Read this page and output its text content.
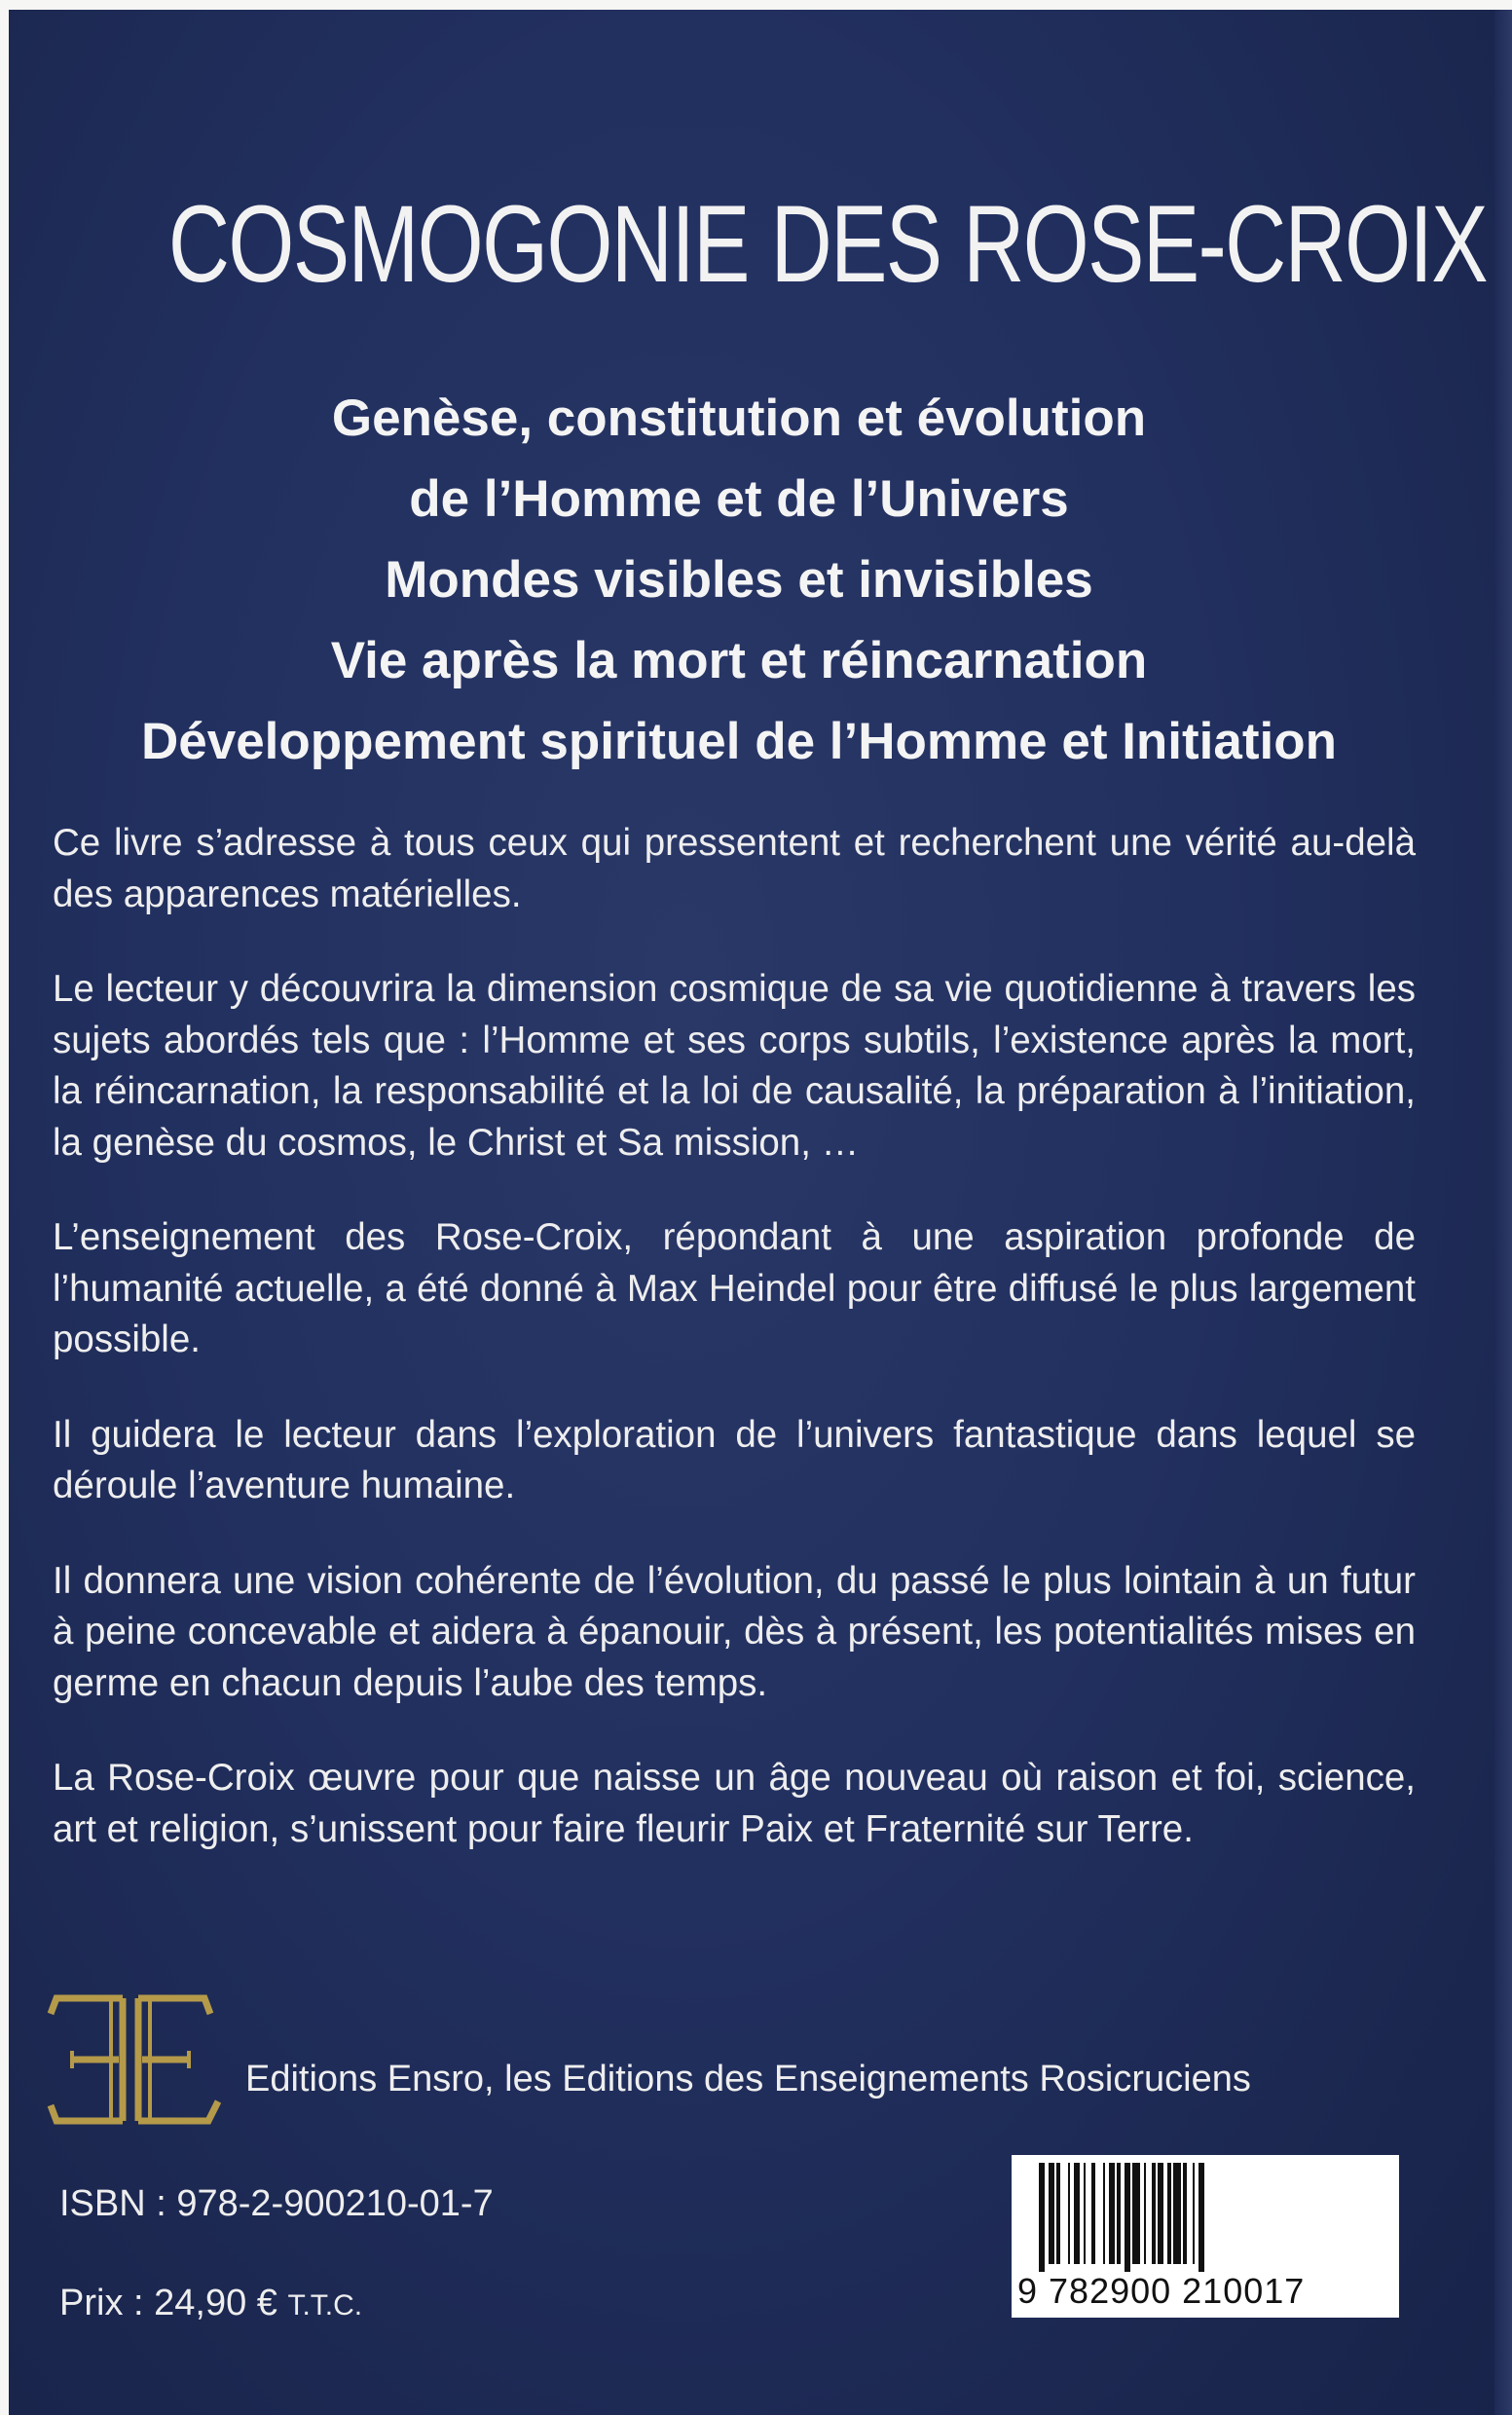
COSMOGONIE DES ROSE-CROIX
Genèse, constitution et évolution
de l’Homme et de l’Univers
Mondes visibles et invisibles
Vie après la mort et réincarnation
Développement spirituel de l’Homme et Initiation

Ce livre s’adresse à tous ceux qui pressentent et recherchent une vérité au-delà des apparences matérielles.

Le lecteur y découvrira la dimension cosmique de sa vie quotidienne à travers les sujets abordés tels que : l’Homme et ses corps subtils, l’existence après la mort, la réincarnation, la responsabilité et la loi de causalité, la préparation à l’initiation, la genèse du cosmos, le Christ et Sa mission, …

L’enseignement des Rose-Croix, répondant à une aspiration profonde de l’humanité actuelle, a été donné à Max Heindel pour être diffusé le plus largement possible.

Il guidera le lecteur dans l’exploration de l’univers fantastique dans lequel se déroule l’aventure humaine.

Il donnera une vision cohérente de l’évolution, du passé le plus lointain à un futur à peine concevable et aidera à épanouir, dès à présent, les potentialités mises en germe en chacun depuis l’aube des temps.

La Rose-Croix œuvre pour que naisse un âge nouveau où raison et foi, science, art et religion, s’unissent pour faire fleurir Paix et Fraternité sur Terre.

Editions Ensro, les Editions des Enseignements Rosicruciens
ISBN : 978-2-900210-01-7
Prix : 24,90 € T.T.C.	9 782900 210017
